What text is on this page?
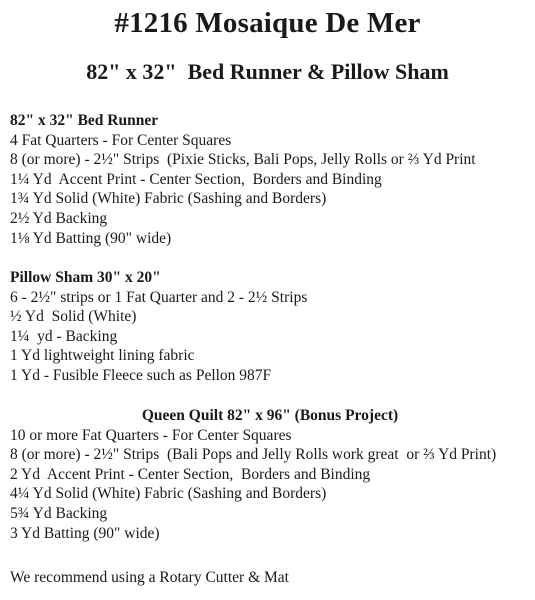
#1216 Mosaique De Mer
82" x 32"  Bed Runner & Pillow Sham
82" x 32" Bed Runner
4 Fat Quarters - For Center Squares
8 (or more) - 2½" Strips  (Pixie Sticks, Bali Pops, Jelly Rolls or ⅔ Yd Print
1¼ Yd  Accent Print - Center Section,  Borders and Binding
1¾ Yd Solid (White) Fabric (Sashing and Borders)
2½ Yd Backing
1⅛ Yd Batting (90" wide)
Pillow Sham 30" x 20"
6 - 2½" strips or 1 Fat Quarter and 2 - 2½ Strips
½ Yd  Solid (White)
1¼  yd - Backing
1 Yd lightweight lining fabric
1 Yd - Fusible Fleece such as Pellon 987F
Queen Quilt 82" x 96" (Bonus Project)
10 or more Fat Quarters - For Center Squares
8 (or more) - 2½" Strips  (Bali Pops and Jelly Rolls work great  or ⅔ Yd Print)
2 Yd  Accent Print - Center Section,  Borders and Binding
4¼ Yd Solid (White) Fabric (Sashing and Borders)
5¾ Yd Backing
3 Yd Batting (90" wide)
We recommend using a Rotary Cutter & Mat
